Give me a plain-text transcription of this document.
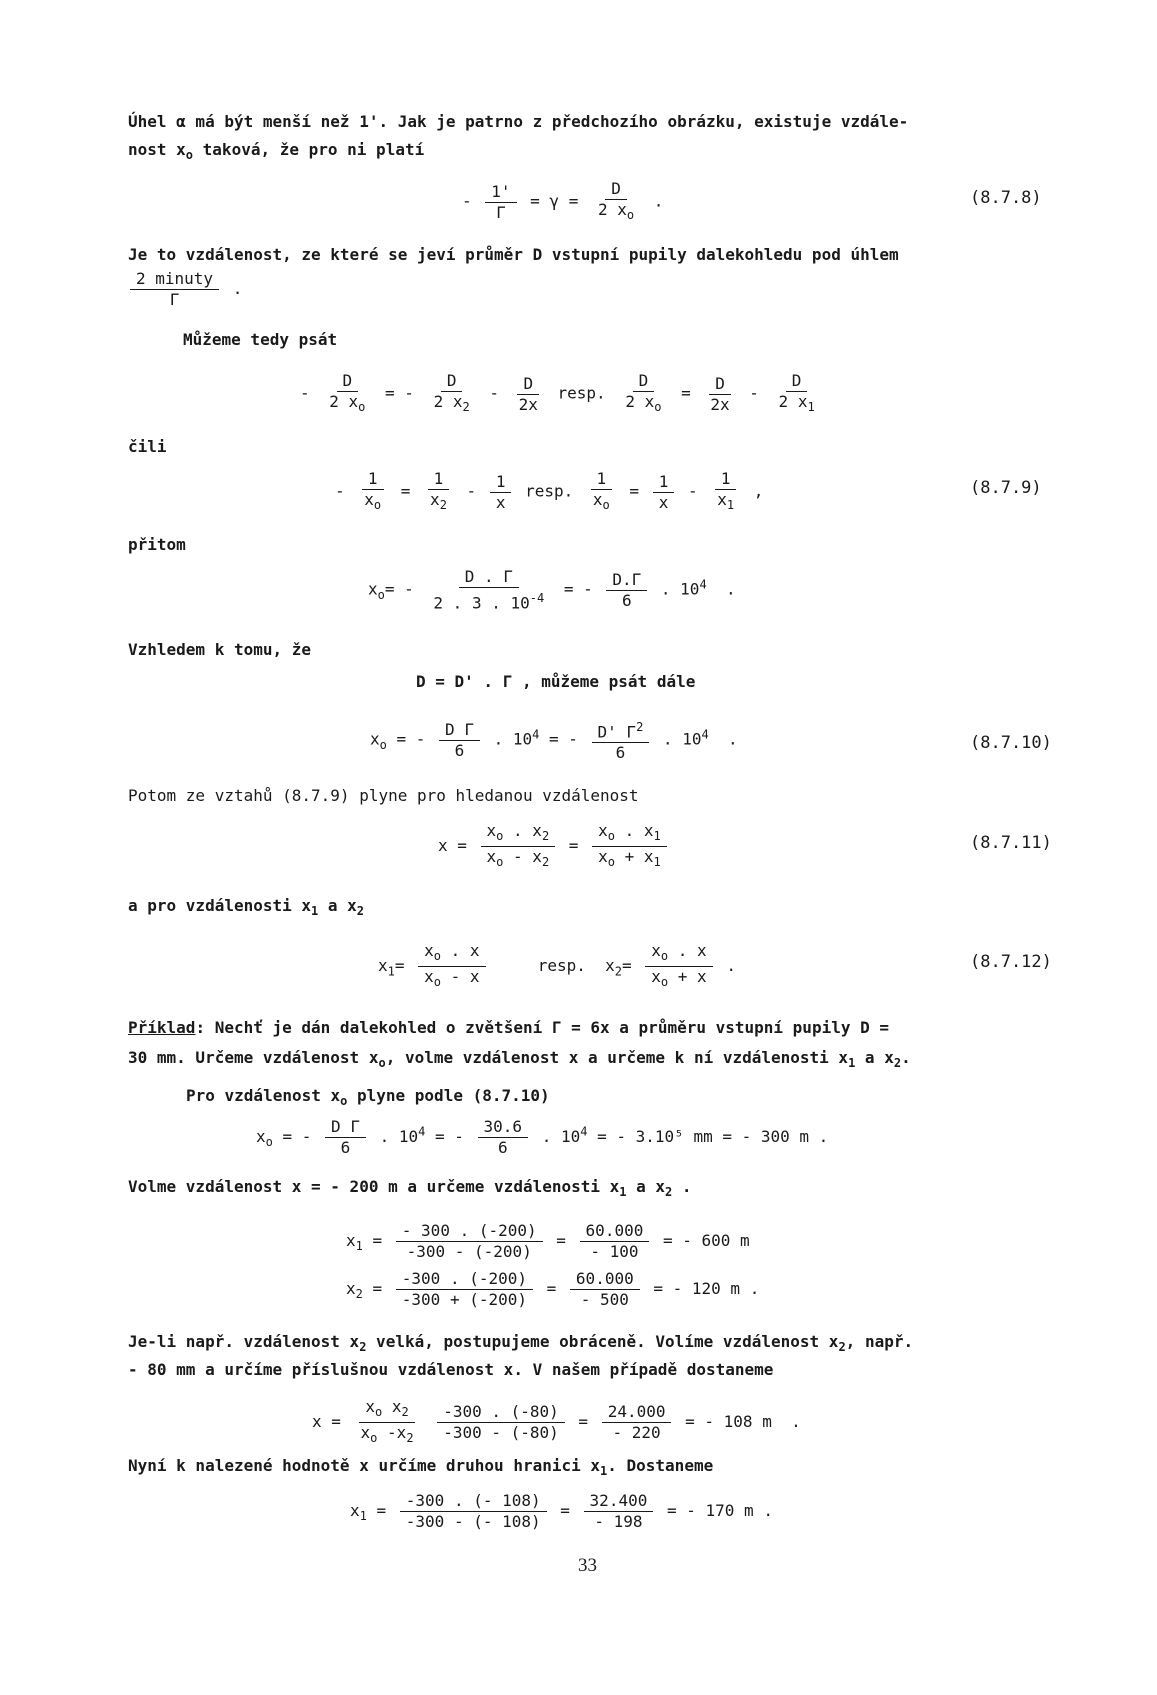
Úhel α má být menší než 1'. Jak je patrno z předchozího obrázku, existuje vzdále-
nost $x_o$ taková, že pro ni platí
- $\frac{1'}{\Gamma} = \gamma = \frac{D}{2 x_o}$ .	(8.7.8)
Je to vzdálenost, ze které se jeví průměr D vstupní pupily dalekohledu pod úhlem
$\frac{\text{2 minuty}}{\Gamma}$ .
Můžeme tedy psát
- $\frac{D}{2 x_o}$ = - $\frac{D}{2 x_2} - \frac{D}{2x}$ resp. $\frac{D}{2 x_o} = \frac{D}{2x} - \frac{D}{2 x_1}$
čili
- $\frac{1}{x_o} = \frac{1}{x_2} - \frac{1}{x}$ resp. $\frac{1}{x_o} = \frac{1}{x} - \frac{1}{x_1}$ ,	(8.7.9)
přitom
$x_o= - \frac{D . \Gamma}{2 . 3 . 10^{-4}}$ = - $\frac{D.\Gamma}{6}$ . $10^4$  .
Vzhledem k tomu, že
D = D' . Γ , můžeme psát dále
$x_o$ = - $\frac{\text{D Γ}}{6}$ . $10^4$ = - $\frac{D' \Gamma^2}{6}$ . $10^4$  .	(8.7.10)
Potom ze vztahů (8.7.9) plyne pro hledanou vzdálenost
$x = \frac{x_o . x_2}{x_o - x_2} = \frac{x_o . x_1}{x_o + x_1}$	(8.7.11)
a pro vzdálenosti $x_1$ a $x_2$
$x_1= \frac{x_o . x}{x_o - x}$ resp.  $x_2= \frac{x_o . x}{x_o + x}$ .	(8.7.12)
Příklad: Nechť je dán dalekohled o zvětšení Γ = 6x a průměru vstupní pupily D =
30 mm. Určeme vzdálenost $x_o$, volme vzdálenost x a určeme k ní vzdálenosti $x_1$ a $x_2$.
Pro vzdálenost $x_o$ plyne podle (8.7.10)
$x_o$ = - $\frac{\text{D Γ}}{6}$ . $10^4$ = - $\frac{30.6}{6}$ . $10^4$ = - 3.10⁵ mm = - 300 m .
Volme vzdálenost x = - 200 m a určeme vzdálenosti $x_1$ a $x_2$ .
$x_1 = \frac{- 300 . (-200)}{-300 - (-200)} = \frac{60.000}{- 100}$ = - 600 m
$x_2 = \frac{-300 . (-200)}{-300 + (-200)} = \frac{60.000}{- 500}$ = - 120 m .
Je-li např. vzdálenost $x_2$ velká, postupujeme obráceně. Volíme vzdálenost $x_2$, např.
- 80 mm a určíme příslušnou vzdálenost x. V našem případě dostaneme
$x = \frac{x_o x_2}{x_o -x_2}$
$\frac{-300 . (-80)}{-300 - (-80)} = \frac{24.000}{- 220}$ = - 108 m  .
Nyní k nalezené hodnotě x určíme druhou hranici $x_1$. Dostaneme
$x_1 = \frac{-300 . (- 108)}{-300 - (- 108)} = \frac{32.400}{- 198}$ = - 170 m .
33
